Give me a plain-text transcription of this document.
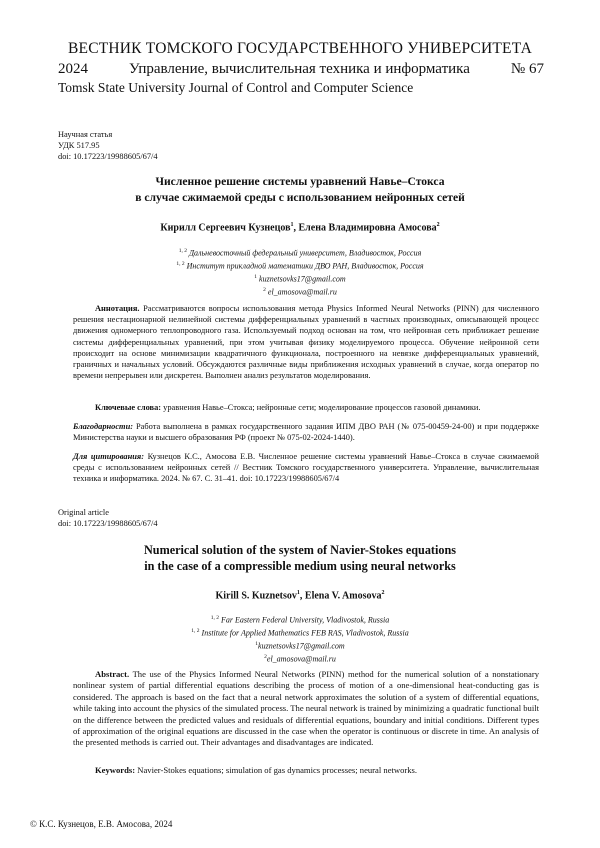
ВЕСТНИК ТОМСКОГО ГОСУДАРСТВЕННОГО УНИВЕРСИТЕТА
2024	Управление, вычислительная техника и информатика	№ 67
Tomsk State University Journal of Control and Computer Science
Научная статья
УДК 517.95
doi: 10.17223/19988605/67/4
Численное решение системы уравнений Навье–Стокса
в случае сжимаемой среды с использованием нейронных сетей
Кирилл Сергеевич Кузнецов$^1$, Елена Владимировна Амосова$^2$
$^{1, 2}$ Дальневосточный федеральный университет, Владивосток, Россия
$^{1, 2}$ Институт прикладной математики ДВО РАН, Владивосток, Россия
$^1$ kuznetsovks17@gmail.com
$^2$ el_amosova@mail.ru
Аннотация. Рассматриваются вопросы использования метода Physics Informed Neural Networks (PINN) для численного решения нестационарной нелинейной системы дифференциальных уравнений в частных производных, описывающей процесс движения одномерного теплопроводного газа. Используемый подход основан на том, что нейронная сеть приближает решение системы дифференциальных уравнений, при этом учитывая физику моделируемого процесса. Обучение нейронной сети происходит на основе минимизации квадратичного функционала, построенного на невязке дифференциальных уравнений, граничных и начальных условий. Обсуждаются различные виды приближения исходных уравнений в случае, когда оператор по времени непрерывен или дискретен. Выполнен анализ результатов моделирования.
Ключевые слова: уравнения Навье–Стокса; нейронные сети; моделирование процессов газовой динамики.
Благодарности: Работа выполнена в рамках государственного задания ИПМ ДВО РАН (№ 075-00459-24-00) и при поддержке Министерства науки и высшего образования РФ (проект № 075-02-2024-1440).
Для цитирования: Кузнецов К.С., Амосова Е.В. Численное решение системы уравнений Навье–Стокса в случае сжимаемой среды с использованием нейронных сетей // Вестник Томского государственного университета. Управление, вычислительная техника и информатика. 2024. № 67. С. 31–41. doi: 10.17223/19988605/67/4
Original article
doi: 10.17223/19988605/67/4
Numerical solution of the system of Navier-Stokes equations
in the case of a compressible medium using neural networks
Kirill S. Kuznetsov$^1$, Elena V. Amosova$^2$
$^{1, 2}$ Far Eastern Federal University, Vladivostok, Russia
$^{1, 2}$ Institute for Applied Mathematics FEB RAS, Vladivostok, Russia
$^1$kuznetsovks17@gmail.com
$^2$el_amosova@mail.ru
Abstract. The use of the Physics Informed Neural Networks (PINN) method for the numerical solution of a nonstationary nonlinear system of partial differential equations describing the process of motion of a one-dimensional heat-conducting gas is considered. The approach is based on the fact that a neural network approximates the solution of a system of differential equations, while taking into account the physics of the simulated process. The neural network is trained by minimizing a quadratic functional built on the difference between the predicted values and residuals of differential equations, boundary and initial conditions. Different types of approximation of the original equations are discussed in the case when the operator is continuous or discrete in time. An analysis of the presented methods is carried out. Their advantages and disadvantages are indicated.
Keywords: Navier-Stokes equations; simulation of gas dynamics processes; neural networks.
© К.С. Кузнецов, Е.В. Амосова, 2024
